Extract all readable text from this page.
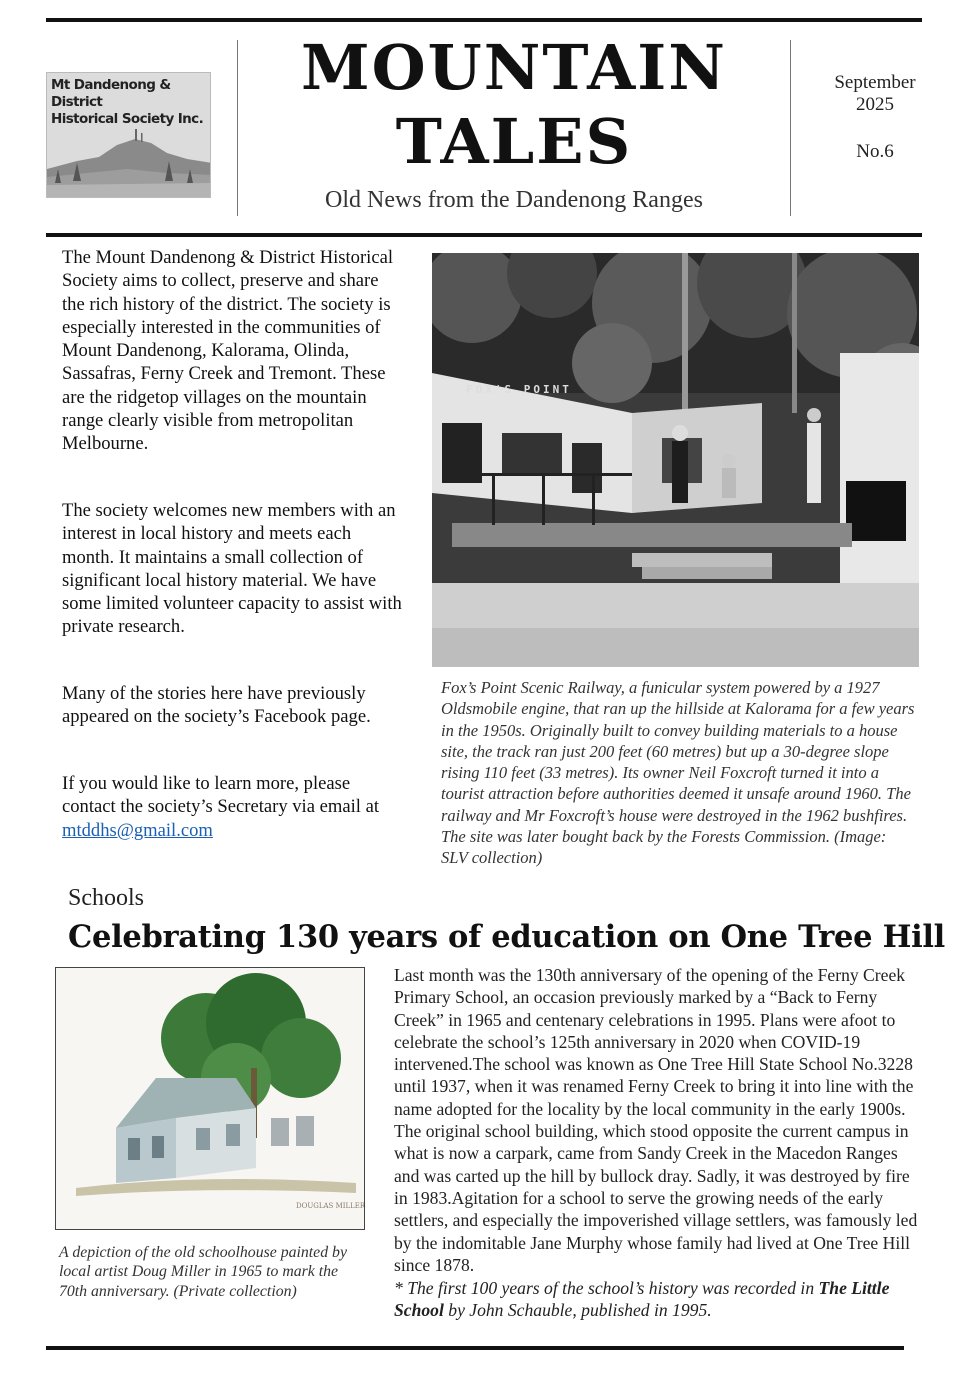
Mt Dandenong & District
Historical Society Inc.
MOUNTAIN
TALES
Old News from the Dandenong Ranges
September
2025
No.6

The Mount Dandenong & District Historical Society aims to collect, preserve and share the rich history of the district. The society is especially interested in the communities of Mount Dandenong, Kalorama, Olinda, Sassafras, Ferny Creek and Tremont. These are the ridgetop villages on the mountain range clearly visible from metropolitan Melbourne.

The society welcomes new members with an interest in local history and meets each month. It maintains a small collection of significant local history material. We have some limited volunteer capacity to assist with private research.

Many of the stories here have previously appeared on the society’s Facebook page.

If you would like to learn more, please contact the society’s Secretary via email at mtddhs@gmail.com

FOX'S POINT

Fox’s Point Scenic Railway, a funicular system powered by a 1927 Oldsmobile engine, that ran up the hillside at Kalorama for a few years in the 1950s. Originally built to convey building materials to a house site, the track ran just 200 feet (60 metres) but up a 30-degree slope rising 110 feet (33 metres). Its owner Neil Foxcroft turned it into a tourist attraction before authorities deemed it unsafe around 1960. The railway and Mr Foxcroft’s house were destroyed in the 1962 bushfires. The site was later bought back by the Forests Commission. (Image: SLV collection)

Schools
Celebrating 130 years of education on One Tree Hill
DOUGLAS MILLER

A depiction of the old schoolhouse painted by local artist Doug Miller in 1965 to mark the 70th anniversary. (Private collection)

Last month was the 130th anniversary of the opening of the Ferny Creek Primary School, an occasion previously marked by a “Back to Ferny Creek” in 1965 and centenary celebrations in 1995. Plans were afoot to celebrate the school’s 125th anniversary in 2020 when COVID-19 intervened.The school was known as One Tree Hill State School No.3228 until 1937, when it was renamed Ferny Creek to bring it into line with the name adopted for the locality by the local community in the early 1900s. The original school building, which stood opposite the current campus in what is now a carpark, came from Sandy Creek in the Macedon Ranges and was carted up the hill by bullock dray. Sadly, it was destroyed by fire in 1983.Agitation for a school to serve the growing needs of the early settlers, and especially the impoverished village settlers, was famously led by the indomitable Jane Murphy whose family had lived at One Tree Hill since 1878.

* The first 100 years of the school’s history was recorded in The Little School by John Schauble, published in 1995.
